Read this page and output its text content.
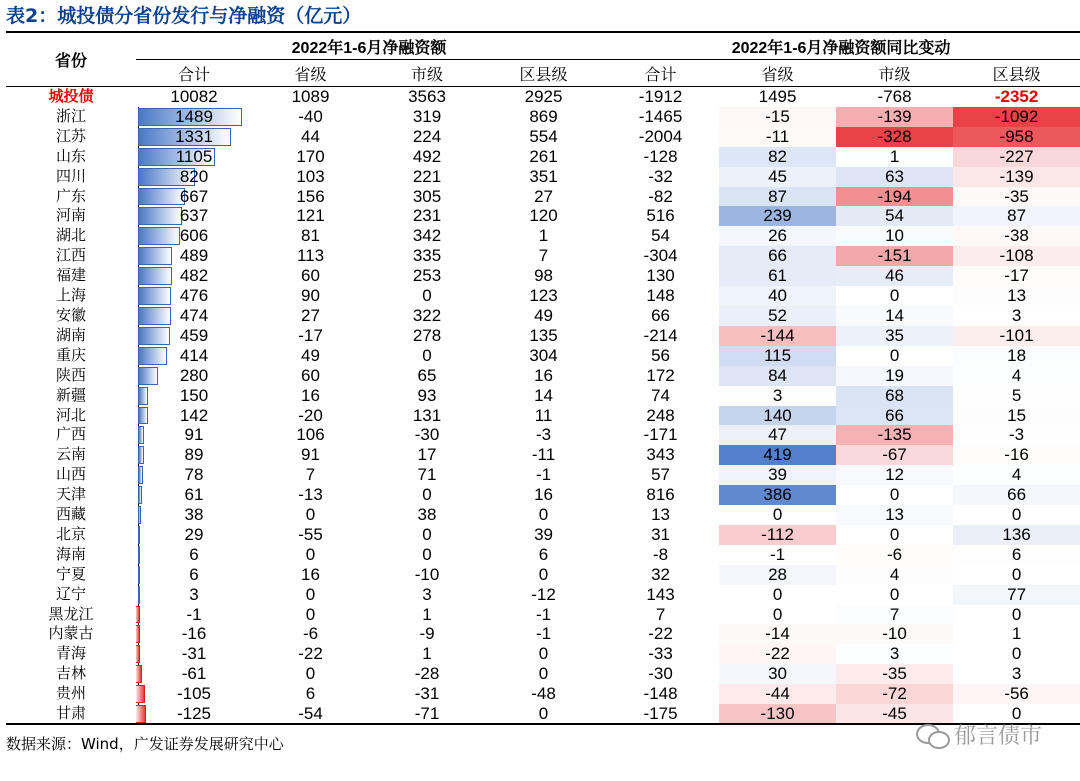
表2：城投债分省份发行与净融资（亿元）
省份	2022年1-6月净融资额				2022年1-6月净融资额同比变动			
	合计	省级	市级	区县级	合计	省级	市级	区县级
城投债	10082	1089	3563	2925	-1912	1495	-768	-2352
浙江	1489	-40	319	869	-1465	-15	-139	-1092
江苏	1331	44	224	554	-2004	-11	-328	-958
山东	1105	170	492	261	-128	82	1	-227
四川	820	103	221	351	-32	45	63	-139
广东	667	156	305	27	-82	87	-194	-35
河南	637	121	231	120	516	239	54	87
湖北	606	81	342	1	54	26	10	-38
江西	489	113	335	7	-304	66	-151	-108
福建	482	60	253	98	130	61	46	-17
上海	476	90	0	123	148	40	0	13
安徽	474	27	322	49	66	52	14	3
湖南	459	-17	278	135	-214	-144	35	-101
重庆	414	49	0	304	56	115	0	18
陕西	280	60	65	16	172	84	19	4
新疆	150	16	93	14	74	3	68	5
河北	142	-20	131	11	248	140	66	15
广西	91	106	-30	-3	-171	47	-135	-3
云南	89	91	17	-11	343	419	-67	-16
山西	78	7	71	-1	57	39	12	4
天津	61	-13	0	16	816	386	0	66
西藏	38	0	38	0	13	0	13	0
北京	29	-55	0	39	31	-112	0	136
海南	6	0	0	6	-8	-1	-6	6
宁夏	6	16	-10	0	32	28	4	0
辽宁	3	0	3	-12	143	0	0	77
黑龙江	-1	0	1	-1	7	0	7	0
内蒙古	-16	-6	-9	-1	-22	-14	-10	1
青海	-31	-22	1	0	-33	-22	3	0
吉林	-61	0	-28	0	-30	30	-35	3
贵州	-105	6	-31	-48	-148	-44	-72	-56
甘肃	-125	-54	-71	0	-175	-130	-45	0
数据来源：Wind，广发证券发展研究中心	郁言债市
